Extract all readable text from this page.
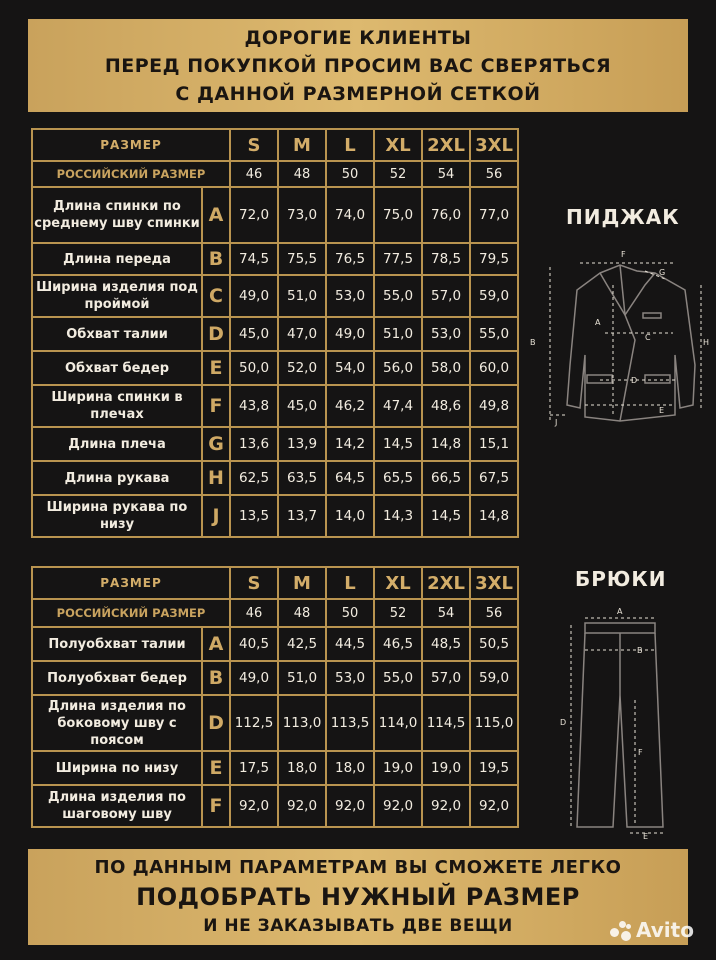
ДОРОГИЕ КЛИЕНТЫ
ПЕРЕД ПОКУПКОЙ ПРОСИМ ВАС СВЕРЯТЬСЯ
С ДАННОЙ РАЗМЕРНОЙ СЕТКОЙ
РАЗМЕР		S	M	L	XL	2XL	3XL
РОССИЙСКИЙ РАЗМЕР		46	48	50	52	54	56
Длина спинки по среднему шву спинки	A	72,0	73,0	74,0	75,0	76,0	77,0
Длина переда	B	74,5	75,5	76,5	77,5	78,5	79,5
Ширина изделия под проймой	C	49,0	51,0	53,0	55,0	57,0	59,0
Обхват талии	D	45,0	47,0	49,0	51,0	53,0	55,0
Обхват бедер	E	50,0	52,0	54,0	56,0	58,0	60,0
Ширина спинки в плечах	F	43,8	45,0	46,2	47,4	48,6	49,8
Длина плеча	G	13,6	13,9	14,2	14,5	14,8	15,1
Длина рукава	H	62,5	63,5	64,5	65,5	66,5	67,5
Ширина рукава по низу	J	13,5	13,7	14,0	14,3	14,5	14,8
РАЗМЕР		S	M	L	XL	2XL	3XL
РОССИЙСКИЙ РАЗМЕР		46	48	50	52	54	56
Полуобхват талии	A	40,5	42,5	44,5	46,5	48,5	50,5
Полуобхват бедер	B	49,0	51,0	53,0	55,0	57,0	59,0
Длина изделия по боковому шву с поясом	D	112,5	113,0	113,5	114,0	114,5	115,0
Ширина по низу	E	17,5	18,0	18,0	19,0	19,0	19,5
Длина изделия по шаговому шву	F	92,0	92,0	92,0	92,0	92,0	92,0
ПИДЖАК
БРЮКИ
F
G
A
C
B	H
D
E
J
A
B
D
F
E
ПО ДАННЫМ ПАРАМЕТРАМ ВЫ СМОЖЕТЕ ЛЕГКО
ПОДОБРАТЬ НУЖНЫЙ РАЗМЕР
И НЕ ЗАКАЗЫВАТЬ ДВЕ ВЕЩИ	Avito
